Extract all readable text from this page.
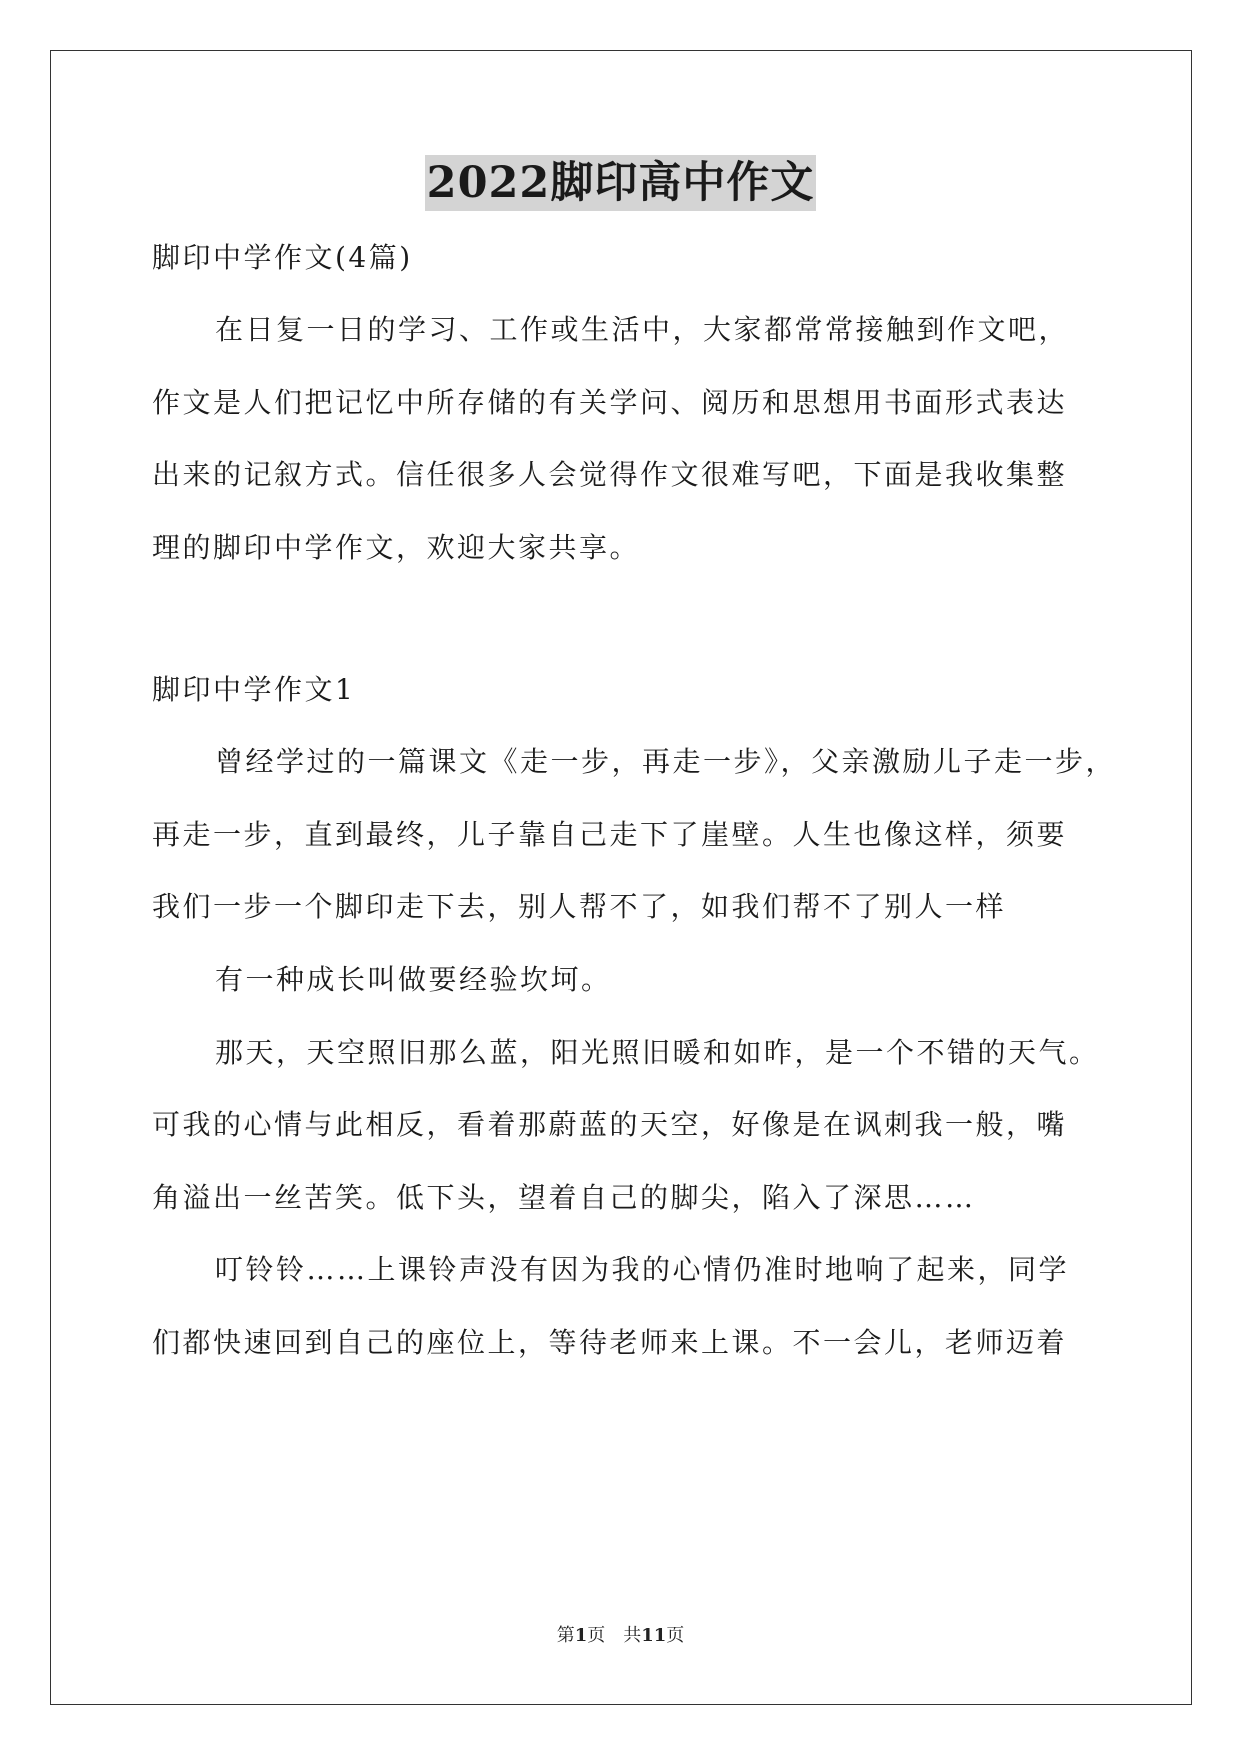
2022脚印高中作文
脚印中学作文(4篇)
在日复一日的学习、工作或生活中，大家都常常接触到作文吧，
作文是人们把记忆中所存储的有关学问、阅历和思想用书面形式表达
出来的记叙方式。信任很多人会觉得作文很难写吧，下面是我收集整
理的脚印中学作文，欢迎大家共享。
脚印中学作文1
曾经学过的一篇课文《走一步，再走一步》，父亲激励儿子走一步，
再走一步，直到最终，儿子靠自己走下了崖壁。人生也像这样，须要
我们一步一个脚印走下去，别人帮不了，如我们帮不了别人一样
有一种成长叫做要经验坎坷。
那天，天空照旧那么蓝，阳光照旧暖和如昨，是一个不错的天气。
可我的心情与此相反，看着那蔚蓝的天空，好像是在讽刺我一般，嘴
角溢出一丝苦笑。低下头，望着自己的脚尖，陷入了深思……
叮铃铃……上课铃声没有因为我的心情仍准时地响了起来，同学
们都快速回到自己的座位上，等待老师来上课。不一会儿，老师迈着
第1页　共11页
